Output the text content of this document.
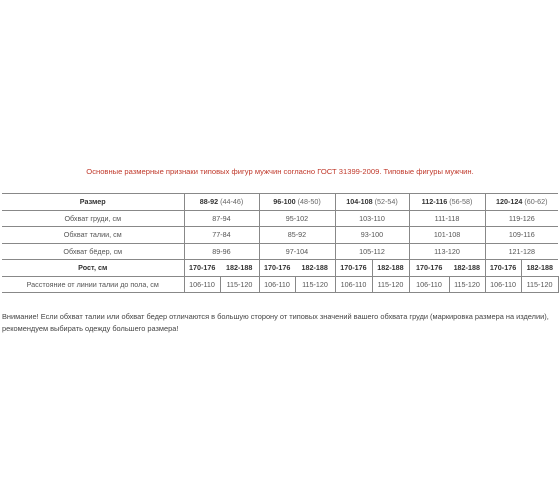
Основные размерные признаки типовых фигур мужчин согласно ГОСТ 31399-2009. Типовые фигуры мужчин.
Размер	88-92 (44-46)		96-100 (48-50)		104-108 (52-54)		112-116 (56-58)		120-124 (60-62)	
Обхват груди, см	87-94		95-102		103-110		111-118		119-126	
Обхват талии, см	77-84		85-92		93-100		101-108		109-116	
Обхват бёдер, см	89-96		97-104		105-112		113-120		121-128	
Рост, см	170-176	182-188	170-176	182-188	170-176	182-188	170-176	182-188	170-176	182-188
Расстояние от линии талии до пола, см	106-110	115-120	106-110	115-120	106-110	115-120	106-110	115-120	106-110	115-120
Внимание! Если обхват талии или обхват бедер отличаются в большую сторону от типовых значений вашего обхвата груди (маркировка размера на изделии), рекомендуем выбирать одежду большего размера!
